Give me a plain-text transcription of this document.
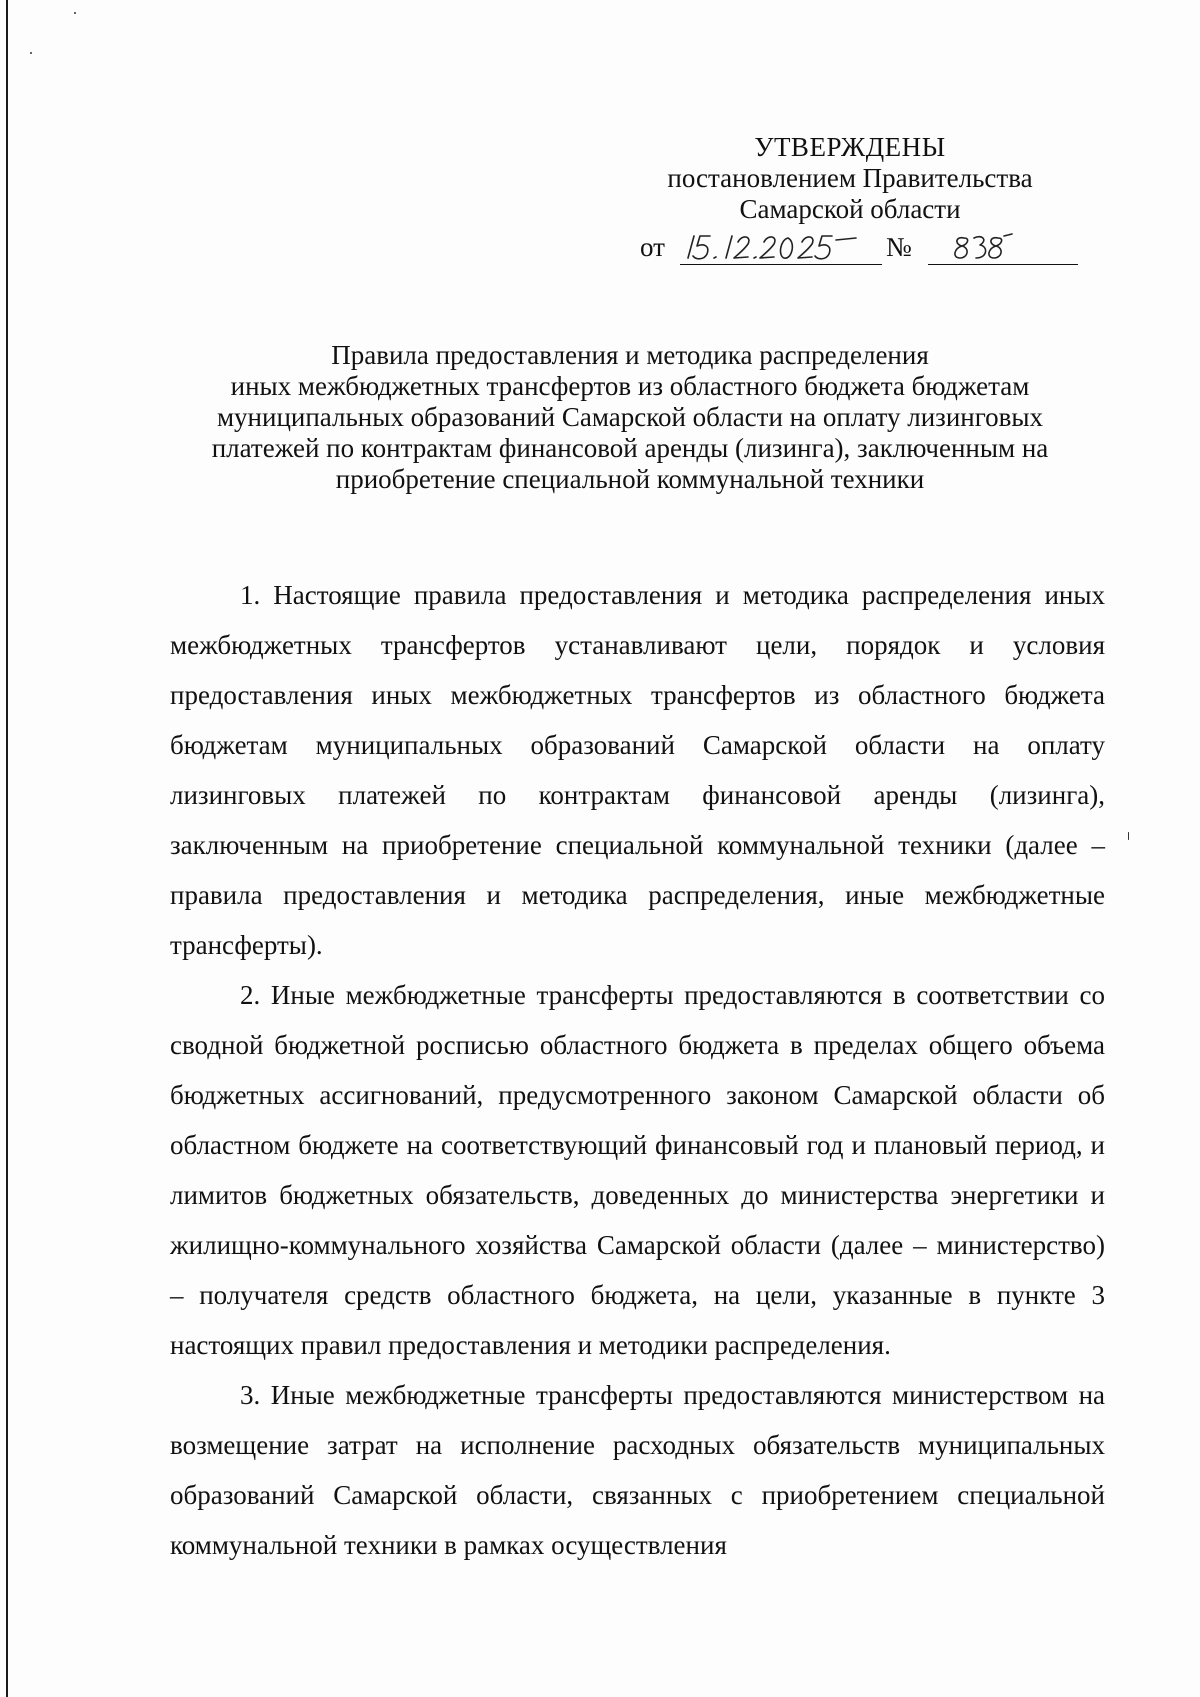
УТВЕРЖДЕНЫ
постановлением Правительства
Самарской области
от	№
Правила предоставления и методика распределения
иных межбюджетных трансфертов из областного бюджета бюджетам
муниципальных образований Самарской области на оплату лизинговых
платежей по контрактам финансовой аренды (лизинга), заключенным на
приобретение специальной коммунальной техники

1. Настоящие правила предоставления и методика распределения иных межбюджетных трансфертов устанавливают цели, порядок и условия предоставления иных межбюджетных трансфертов из областного бюджета бюджетам муниципальных образований Самарской области на оплату лизинговых платежей по контрактам финансовой аренды (лизинга), заключенным на приобретение специальной коммунальной техники (далее – правила предоставления и методика распределения, иные межбюджетные трансферты).

2. Иные межбюджетные трансферты предоставляются в соответствии со сводной бюджетной росписью областного бюджета в пределах общего объема бюджетных ассигнований, предусмотренного законом Самарской области об областном бюджете на соответствующий финансовый год и плановый период, и лимитов бюджетных обязательств, доведенных до министерства энергетики и жилищно-коммунального хозяйства Самарской области (далее – министерство) – получателя средств областного бюджета, на цели, указанные в пункте 3 настоящих правил предоставления и методики распределения.

3. Иные межбюджетные трансферты предоставляются министерством на возмещение затрат на исполнение расходных обязательств муниципальных образований Самарской области, связанных с приобретением специальной коммунальной техники в рамках осуществления
